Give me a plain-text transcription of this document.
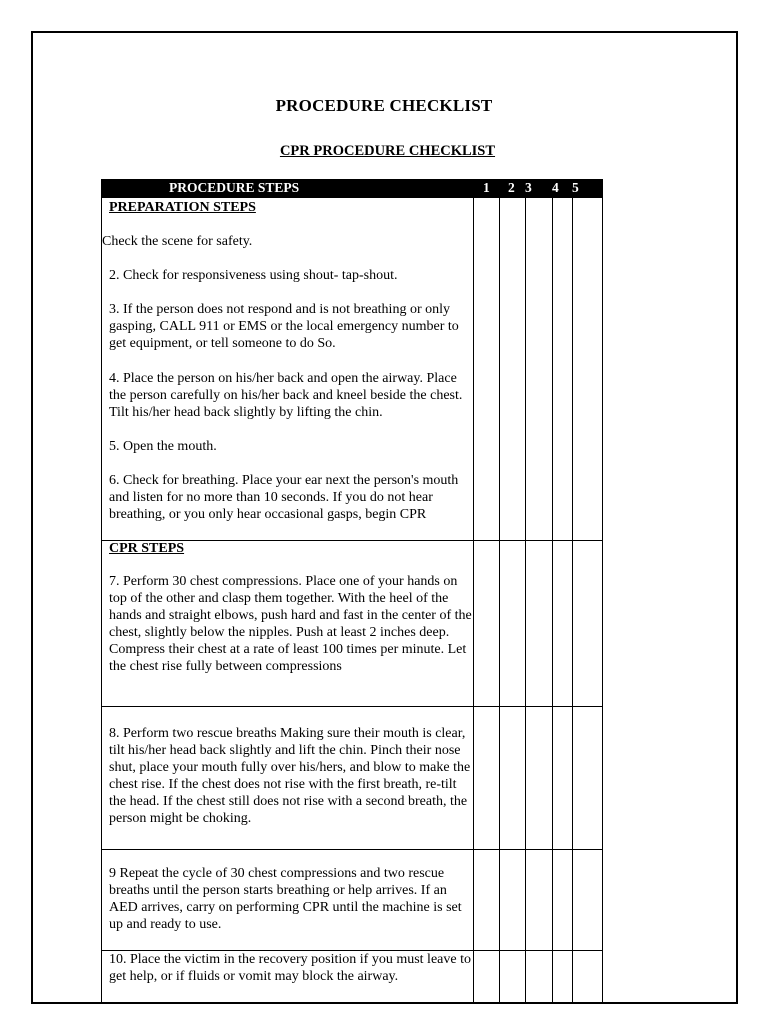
PROCEDURE CHECKLIST
CPR PROCEDURE CHECKLIST
PROCEDURE STEPS	1 2 3 4 5
PREPARATION STEPS
Check the scene for safety.
2. Check for responsiveness using shout- tap-shout.
3. If the person does not respond and is not breathing or only gasping, CALL 911 or EMS or the local emergency number to get equipment, or tell someone to do So.
4. Place the person on his/her back and open the airway. Place the person carefully on his/her back and kneel beside the chest. Tilt his/her head back slightly by lifting the chin.
5. Open the mouth.
6. Check for breathing. Place your ear next the person's mouth and listen for no more than 10 seconds. If you do not hear breathing, or you only hear occasional gasps, begin CPR
CPR STEPS
7. Perform 30 chest compressions. Place one of your hands on top of the other and clasp them together. With the heel of the hands and straight elbows, push hard and fast in the center of the chest, slightly below the nipples. Push at least 2 inches deep. Compress their chest at a rate of least 100 times per minute. Let the chest rise fully between compressions
8. Perform two rescue breaths Making sure their mouth is clear, tilt his/her head back slightly and lift the chin. Pinch their nose shut, place your mouth fully over his/hers, and blow to make the chest rise. If the chest does not rise with the first breath, re-tilt the head. If the chest still does not rise with a second breath, the person might be choking.
9 Repeat the cycle of 30 chest compressions and two rescue breaths until the person starts breathing or help arrives. If an AED arrives, carry on performing CPR until the machine is set up and ready to use.
10. Place the victim in the recovery position if you must leave to get help, or if fluids or vomit may block the airway.
